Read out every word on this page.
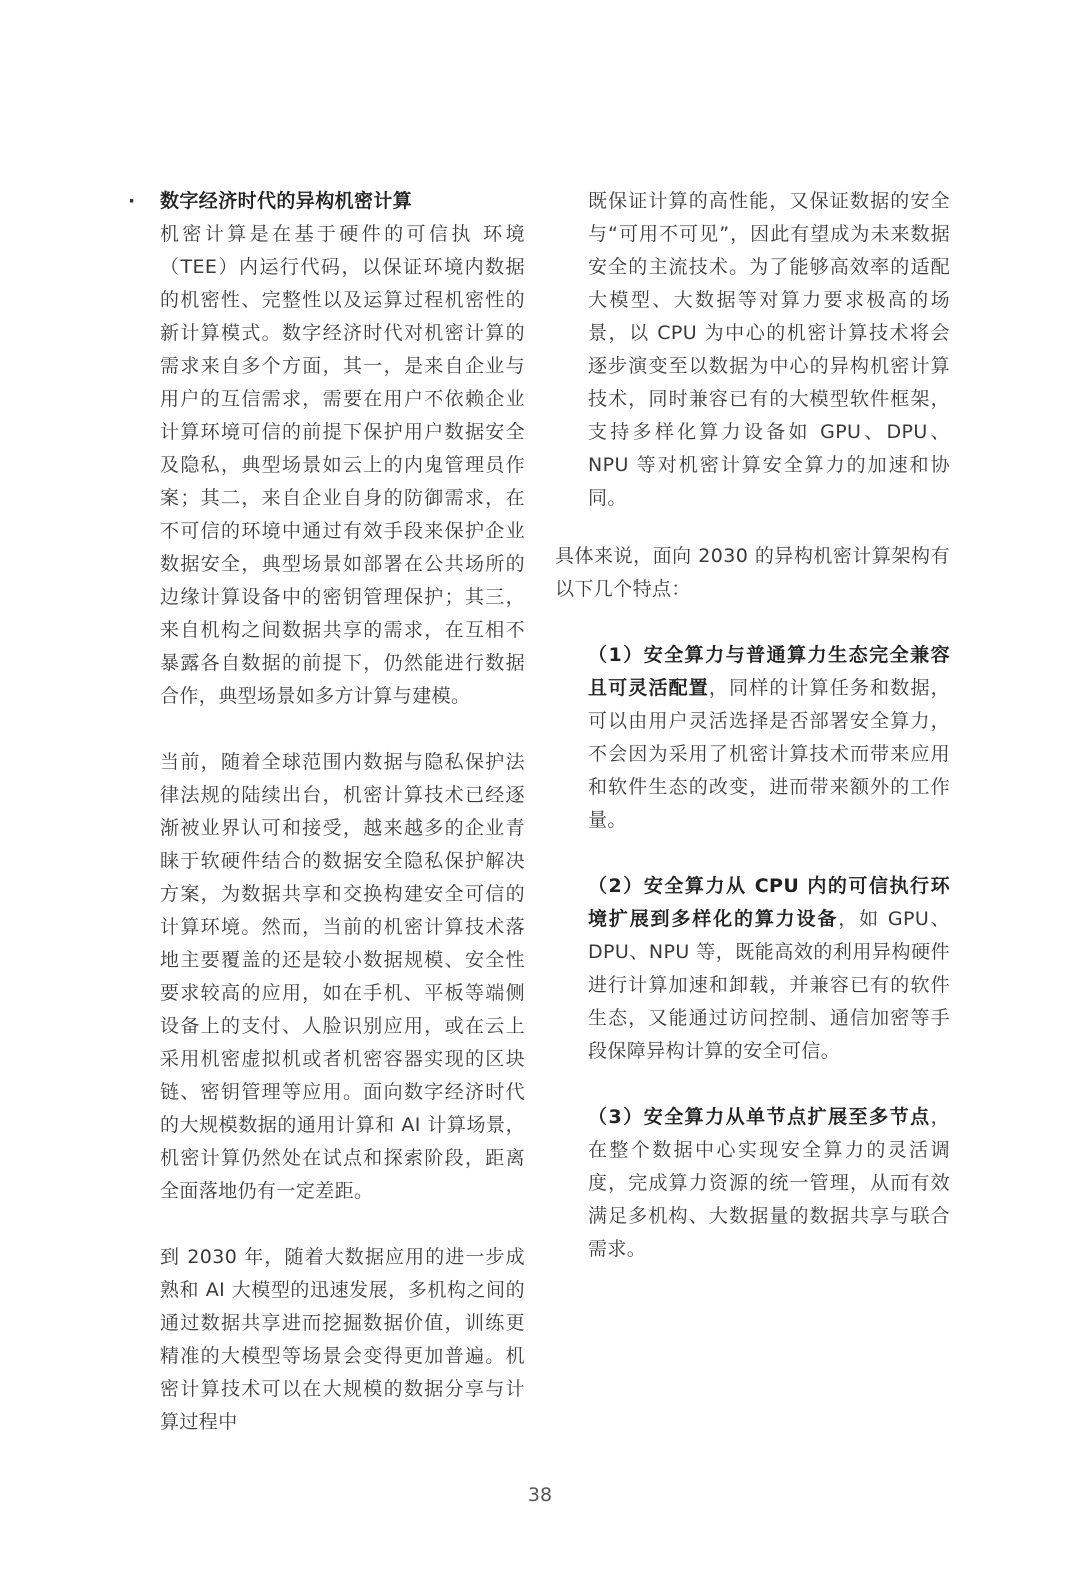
· 数字经济时代的异构机密计算

机密计算是在基于硬件的可信执 环境（TEE）内运行代码，以保证环境内数据的机密性、完整性以及运算过程机密性的新计算模式。数字经济时代对机密计算的需求来自多个方面，其一，是来自企业与用户的互信需求，需要在用户不依赖企业计算环境可信的前提下保护用户数据安全及隐私，典型场景如云上的内鬼管理员作案；其二，来自企业自身的防御需求，在不可信的环境中通过有效手段来保护企业数据安全，典型场景如部署在公共场所的边缘计算设备中的密钥管理保护；其三，来自机构之间数据共享的需求，在互相不暴露各自数据的前提下，仍然能进行数据合作，典型场景如多方计算与建模。

当前，随着全球范围内数据与隐私保护法律法规的陆续出台，机密计算技术已经逐渐被业界认可和接受，越来越多的企业青睐于软硬件结合的数据安全隐私保护解决方案，为数据共享和交换构建安全可信的计算环境。然而，当前的机密计算技术落地主要覆盖的还是较小数据规模、安全性要求较高的应用，如在手机、平板等端侧设备上的支付、人脸识别应用，或在云上采用机密虚拟机或者机密容器实现的区块链、密钥管理等应用。面向数字经济时代的大规模数据的通用计算和 AI 计算场景，机密计算仍然处在试点和探索阶段，距离全面落地仍有一定差距。

到 2030 年，随着大数据应用的进一步成熟和 AI 大模型的迅速发展，多机构之间的通过数据共享进而挖掘数据价值，训练更精准的大模型等场景会变得更加普遍。机密计算技术可以在大规模的数据分享与计算过程中

既保证计算的高性能，又保证数据的安全与“可用不可见”，因此有望成为未来数据安全的主流技术。为了能够高效率的适配大模型、大数据等对算力要求极高的场景，以 CPU 为中心的机密计算技术将会逐步演变至以数据为中心的异构机密计算技术，同时兼容已有的大模型软件框架，支持多样化算力设备如 GPU、DPU、NPU 等对机密计算安全算力的加速和协同。

具体来说，面向 2030 的异构机密计算架构有以下几个特点：

（1）安全算力与普通算力生态完全兼容且可灵活配置，同样的计算任务和数据，可以由用户灵活选择是否部署安全算力，不会因为采用了机密计算技术而带来应用和软件生态的改变，进而带来额外的工作量。

（2）安全算力从 CPU 内的可信执行环境扩展到多样化的算力设备，如 GPU、DPU、NPU 等，既能高效的利用异构硬件进行计算加速和卸载，并兼容已有的软件生态，又能通过访问控制、通信加密等手段保障异构计算的安全可信。

（3）安全算力从单节点扩展至多节点，在整个数据中心实现安全算力的灵活调度，完成算力资源的统一管理，从而有效满足多机构、大数据量的数据共享与联合需求。

38
